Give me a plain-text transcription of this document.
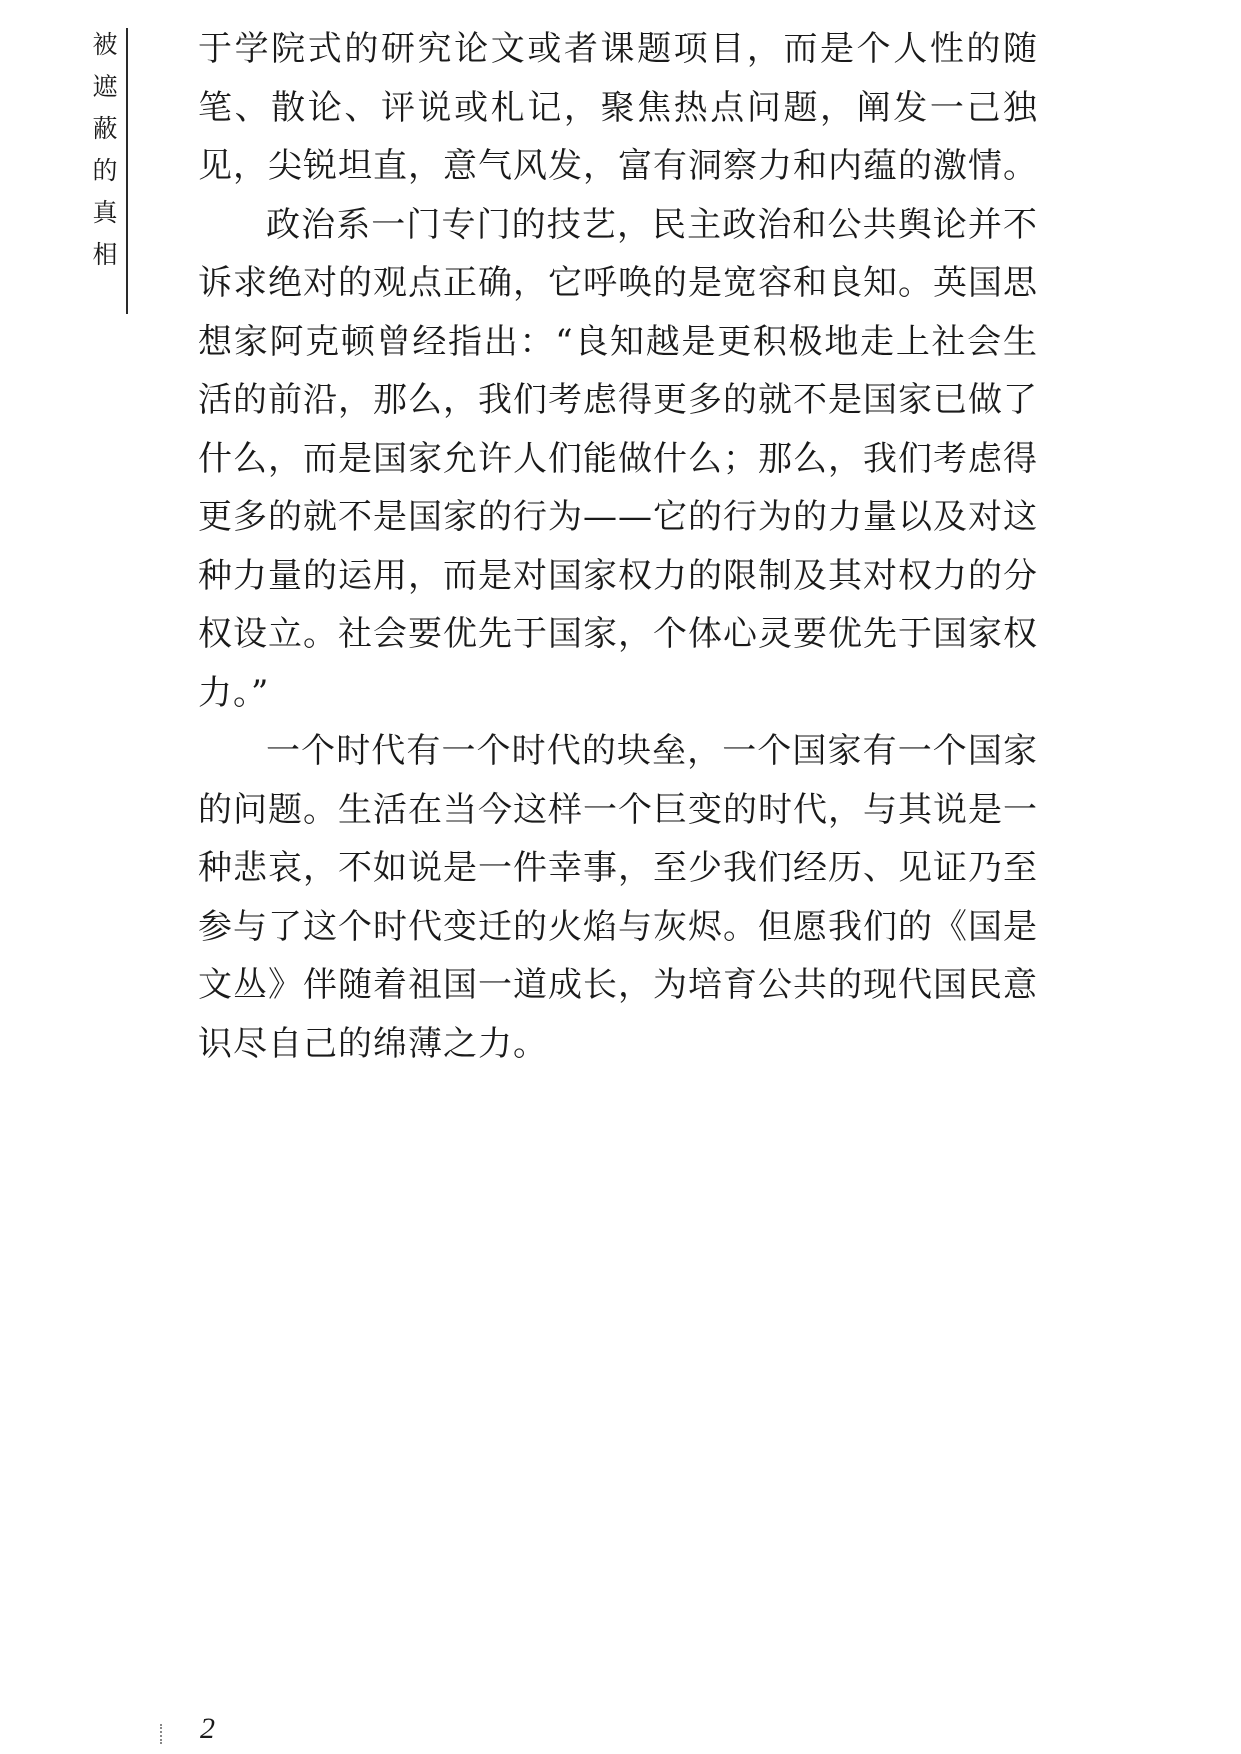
被
遮
蔽
的
真
相

于学院式的研究论文或者课题项目，而是个人性的随笔、散论、评说或札记，聚焦热点问题，阐发一己独见，尖锐坦直，意气风发，富有洞察力和内蕴的激情。

政治系一门专门的技艺，民主政治和公共舆论并不诉求绝对的观点正确，它呼唤的是宽容和良知。英国思想家阿克顿曾经指出：“良知越是更积极地走上社会生活的前沿，那么，我们考虑得更多的就不是国家已做了什么，而是国家允许人们能做什么；那么，我们考虑得更多的就不是国家的行为——它的行为的力量以及对这种力量的运用，而是对国家权力的限制及其对权力的分权设立。社会要优先于国家，个体心灵要优先于国家权力。”

一个时代有一个时代的块垒，一个国家有一个国家的问题。生活在当今这样一个巨变的时代，与其说是一种悲哀，不如说是一件幸事，至少我们经历、见证乃至参与了这个时代变迁的火焰与灰烬。但愿我们的《国是文丛》伴随着祖国一道成长，为培育公共的现代国民意识尽自己的绵薄之力。

2
